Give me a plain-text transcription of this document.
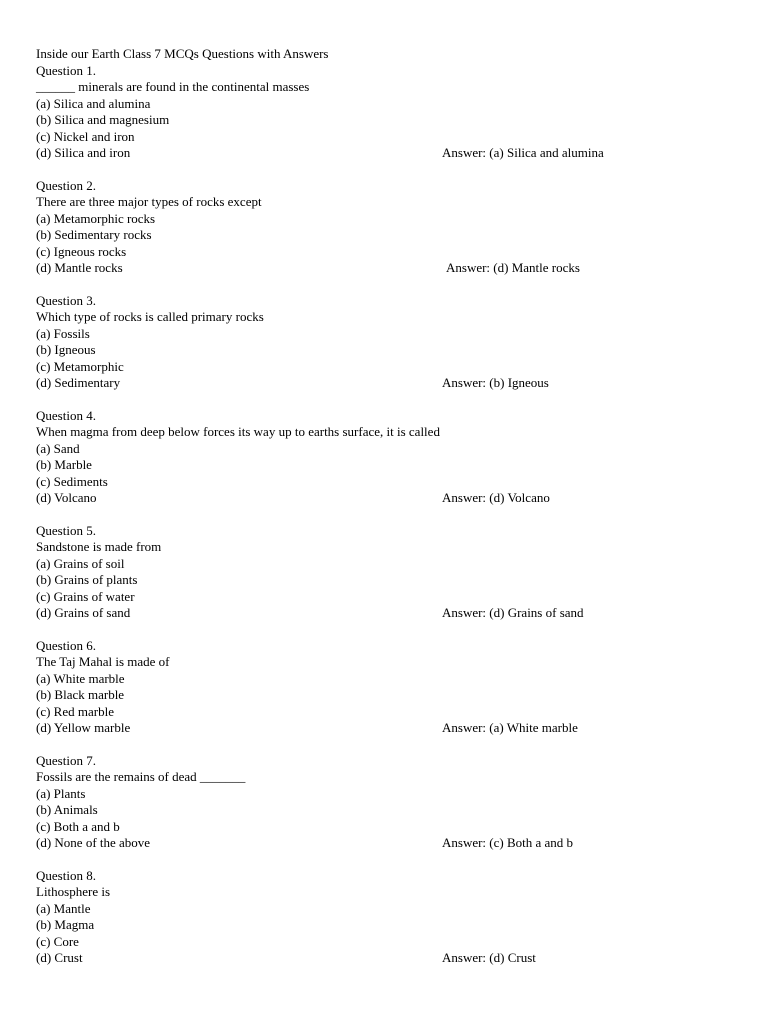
Inside our Earth Class 7 MCQs Questions with Answers
Question 1.
______ minerals are found in the continental masses
(a) Silica and alumina
(b) Silica and magnesium
(c) Nickel and iron
(d) Silica and iron	Answer: (a) Silica and alumina
Question 2.
There are three major types of rocks except
(a) Metamorphic rocks
(b) Sedimentary rocks
(c) Igneous rocks
(d) Mantle rocks	Answer: (d) Mantle rocks
Question 3.
Which type of rocks is called primary rocks
(a) Fossils
(b) Igneous
(c) Metamorphic
(d) Sedimentary	Answer: (b) Igneous
Question 4.
When magma from deep below forces its way up to earths surface, it is called
(a) Sand
(b) Marble
(c) Sediments
(d) Volcano	Answer: (d) Volcano
Question 5.
Sandstone is made from
(a) Grains of soil
(b) Grains of plants
(c) Grains of water
(d) Grains of sand	Answer: (d) Grains of sand
Question 6.
The Taj Mahal is made of
(a) White marble
(b) Black marble
(c) Red marble
(d) Yellow marble	Answer: (a) White marble
Question 7.
Fossils are the remains of dead _______
(a) Plants
(b) Animals
(c) Both a and b
(d) None of the above	Answer: (c) Both a and b
Question 8.
Lithosphere is
(a) Mantle
(b) Magma
(c) Core
(d) Crust	Answer: (d) Crust
